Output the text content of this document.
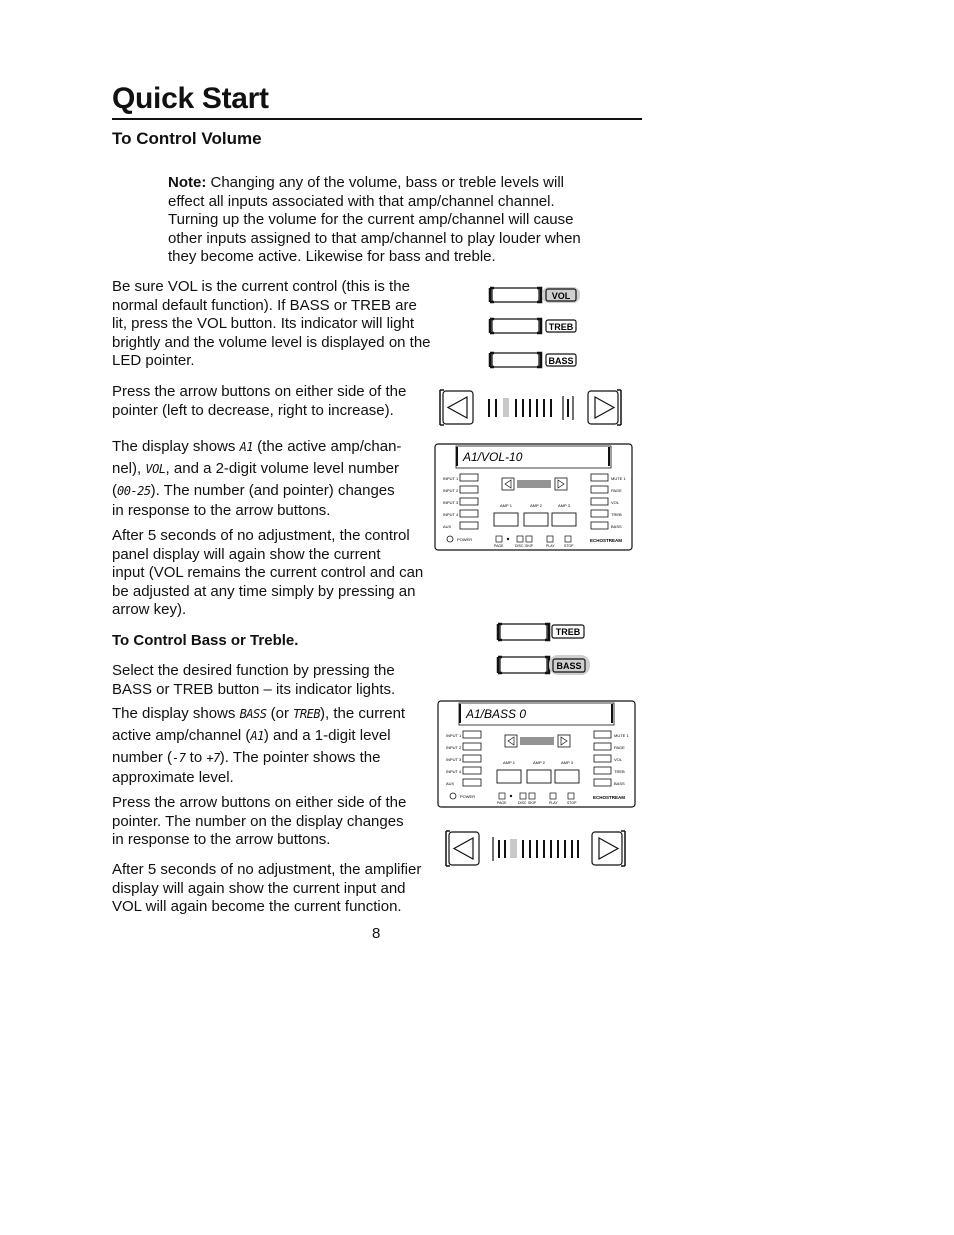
Quick Start
To Control Volume
Note: Changing any of the volume, bass or treble levels will
effect all inputs associated with that amp/channel channel.
Turning up the volume for the current amp/channel will cause
other inputs assigned to that amp/channel to play louder when
they become active. Likewise for bass and treble.
Be sure VOL is the current control (this is the
normal default function). If BASS or TREB are
lit, press the VOL button. Its indicator will light
brightly and the volume level is displayed on the
LED pointer.
Press the arrow buttons on either side of the
pointer (left to decrease, right to increase).
The display shows A1 (the active amp/chan-
nel), VOL, and a 2-digit volume level number
(00-25). The number (and pointer) changes
in response to the arrow buttons.
After 5 seconds of no adjustment, the control
panel display will again show the current
input (VOL remains the current control and can
be adjusted at any time simply by pressing an
arrow key).
To Control Bass or Treble.
Select the desired function by pressing the
BASS or TREB button – its indicator lights.
The display shows BASS (or TREB), the current
active amp/channel (A1) and a 1-digit level
number (-7 to +7). The pointer shows the
approximate level.
Press the arrow buttons on either side of the
pointer. The number on the display changes
in response to the arrow buttons.
After 5 seconds of no adjustment, the amplifier
display will again show the current input and
VOL will again become the current function.
8
VOL
TREB
BASS
A1/VOL-10
INPUT 1
INPUT 2
INPUT 3
INPUT 4
AUX
AMP 1	AMP 2	AMP 3
MUTE 1
PAGE
VOL
TREB
BASS
POWER
PAGE	DISC SKIP	PLAY	STOP
ECHOSTREAM
TREB
BASS
A1/BASS 0
INPUT 1
INPUT 2
INPUT 3
INPUT 4
AUX
AMP 1	AMP 2	AMP 3
MUTE 1
PAGE
VOL
TREB
BASS
POWER
PAGE	DISC SKIP	PLAY	STOP
ECHOSTREAM
